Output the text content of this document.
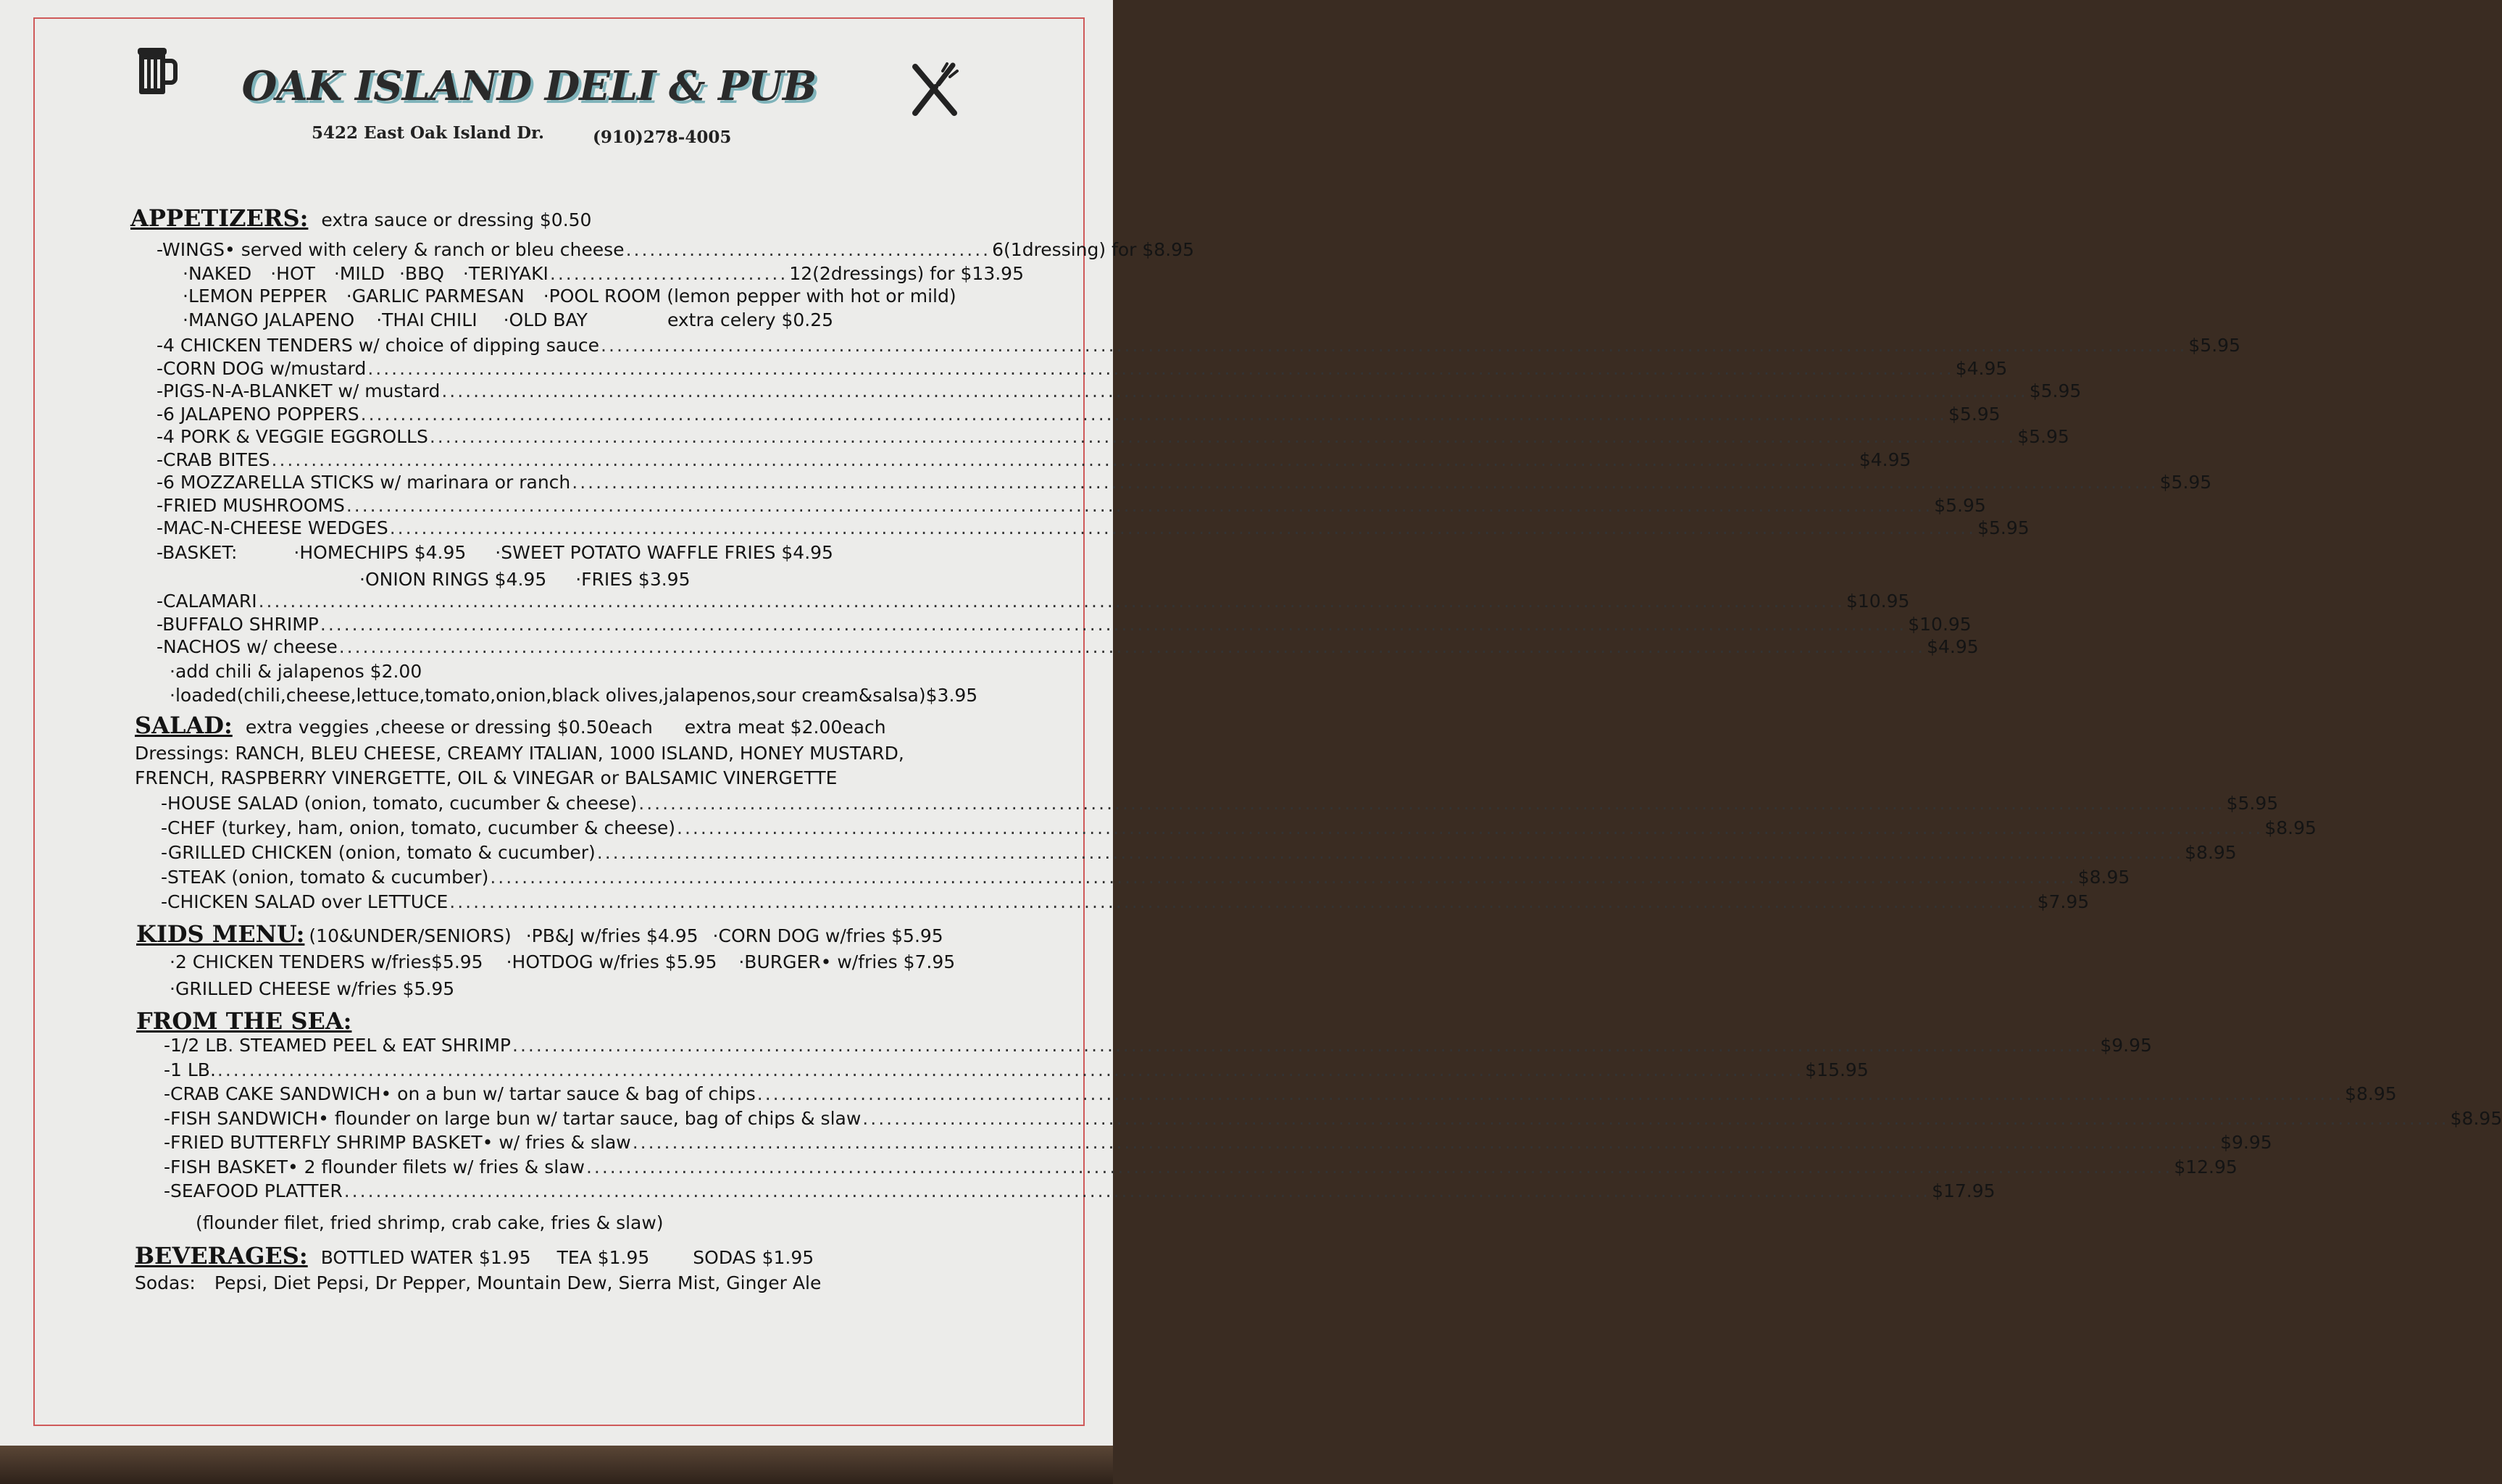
OAK ISLAND DELI & PUB
5422 East Oak Island Dr.	(910)278-4005
APPETIZERS: extra sauce or dressing $0.50
-WINGS• served with celery & ranch or bleu cheese .............................................. 6(1dressing) for $8.95
·NAKED ·HOT ·MILD ·BBQ ·TERIYAKI .............................. 12(2dressings) for $13.95
·LEMON PEPPER ·GARLIC PARMESAN ·POOL ROOM (lemon pepper with hot or mild)
·MANGO JALAPENO ·THAI CHILI ·OLD BAY	extra celery $0.25
-4 CHICKEN TENDERS w/ choice of dipping sauce ........................................................................................................................................................................................................ $5.95
-CORN DOG w/mustard ........................................................................................................................................................................................................ $4.95
-PIGS-N-A-BLANKET w/ mustard ........................................................................................................................................................................................................ $5.95
-6 JALAPENO POPPERS ........................................................................................................................................................................................................ $5.95
-4 PORK & VEGGIE EGGROLLS ........................................................................................................................................................................................................ $5.95
-CRAB BITES ........................................................................................................................................................................................................ $4.95
-6 MOZZARELLA STICKS w/ marinara or ranch ........................................................................................................................................................................................................ $5.95
-FRIED MUSHROOMS ........................................................................................................................................................................................................ $5.95
-MAC-N-CHEESE WEDGES ........................................................................................................................................................................................................ $5.95
-BASKET:	·HOMECHIPS $4.95 ·SWEET POTATO WAFFLE FRIES $4.95
·ONION RINGS $4.95 ·FRIES $3.95
-CALAMARI ........................................................................................................................................................................................................ $10.95
-BUFFALO SHRIMP ........................................................................................................................................................................................................ $10.95
-NACHOS w/ cheese ........................................................................................................................................................................................................ $4.95
·add chili & jalapenos $2.00
·loaded(chili,cheese,lettuce,tomato,onion,black olives,jalapenos,sour cream&salsa)$3.95
SALAD: extra veggies ,cheese or dressing $0.50each extra meat $2.00each
Dressings: RANCH, BLEU CHEESE, CREAMY ITALIAN, 1000 ISLAND, HONEY MUSTARD,
FRENCH, RASPBERRY VINERGETTE, OIL & VINEGAR or BALSAMIC VINERGETTE
-HOUSE SALAD (onion, tomato, cucumber & cheese) ........................................................................................................................................................................................................ $5.95
-CHEF (turkey, ham, onion, tomato, cucumber & cheese) ........................................................................................................................................................................................................ $8.95
-GRILLED CHICKEN (onion, tomato & cucumber) ........................................................................................................................................................................................................ $8.95
-STEAK (onion, tomato & cucumber) ........................................................................................................................................................................................................ $8.95
-CHICKEN SALAD over LETTUCE ........................................................................................................................................................................................................ $7.95
KIDS MENU: (10&UNDER/SENIORS) ·PB&J w/fries $4.95 ·CORN DOG w/fries $5.95
·2 CHICKEN TENDERS w/fries$5.95 ·HOTDOG w/fries $5.95 ·BURGER• w/fries $7.95
·GRILLED CHEESE w/fries $5.95
FROM THE SEA:
-1/2 LB. STEAMED PEEL & EAT SHRIMP ........................................................................................................................................................................................................ $9.95
-1 LB. ........................................................................................................................................................................................................ $15.95
-CRAB CAKE SANDWICH• on a bun w/ tartar sauce & bag of chips ........................................................................................................................................................................................................ $8.95
-FISH SANDWICH• flounder on large bun w/ tartar sauce, bag of chips & slaw ........................................................................................................................................................................................................ $8.95
-FRIED BUTTERFLY SHRIMP BASKET• w/ fries & slaw ........................................................................................................................................................................................................ $9.95
-FISH BASKET• 2 flounder filets w/ fries & slaw ........................................................................................................................................................................................................ $12.95
-SEAFOOD PLATTER ........................................................................................................................................................................................................ $17.95
(flounder filet, fried shrimp, crab cake, fries & slaw)
BEVERAGES: BOTTLED WATER $1.95 TEA $1.95 SODAS $1.95
Sodas: Pepsi, Diet Pepsi, Dr Pepper, Mountain Dew, Sierra Mist, Ginger Ale
